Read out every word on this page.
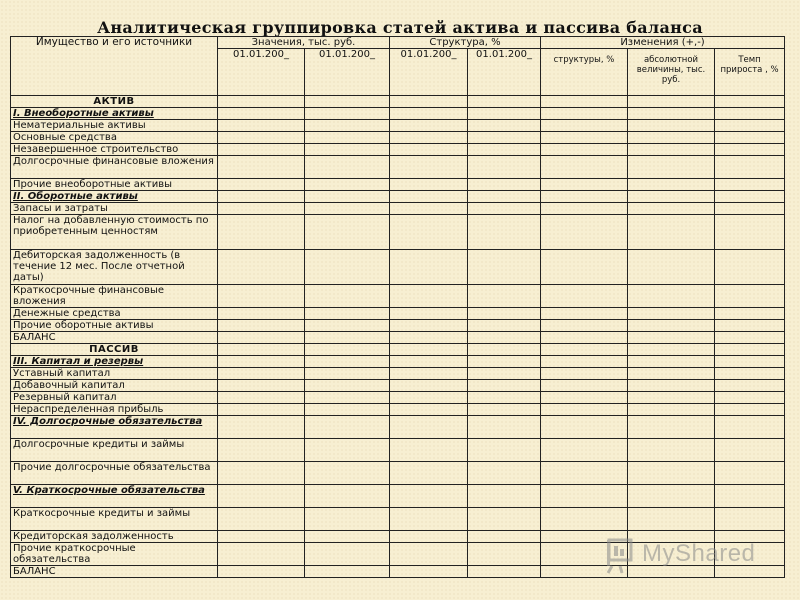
Аналитическая группировка статей актива и пассива баланса
Имущество и его источники	Значения, тыс. руб.		Структура, %		Изменения (+,-)		
	01.01.200_	01.01.200_	01.01.200_	01.01.200_	структуры, %	абсолютной величины, тыс. руб.	Темп прироста , %
АКТИВ							
I. Внеоборотные активы							
Нематериальные активы							
Основные средства							
Незавершенное строительство							
Долгосрочные финансовые вложения							
Прочие внеоборотные активы							
II. Оборотные активы							
Запасы и затраты							
Налог на добавленную стоимость по приобретенным ценностям							
Дебиторская задолженность (в течение 12 мес. После отчетной даты)							
Краткосрочные финансовые вложения							
Денежные средства							
Прочие оборотные активы							
БАЛАНС							
ПАССИВ							
III. Капитал и резервы							
Уставный капитал							
Добавочный капитал							
Резервный капитал							
Нераспределенная прибыль							
IV. Долгосрочные обязательства							
Долгосрочные кредиты и займы							
Прочие долгосрочные обязательства							
V. Краткосрочные обязательства							
Краткосрочные кредиты и займы							
Кредиторская задолженность							
Прочие краткосрочные обязательства							
БАЛАНС							
MyShared
